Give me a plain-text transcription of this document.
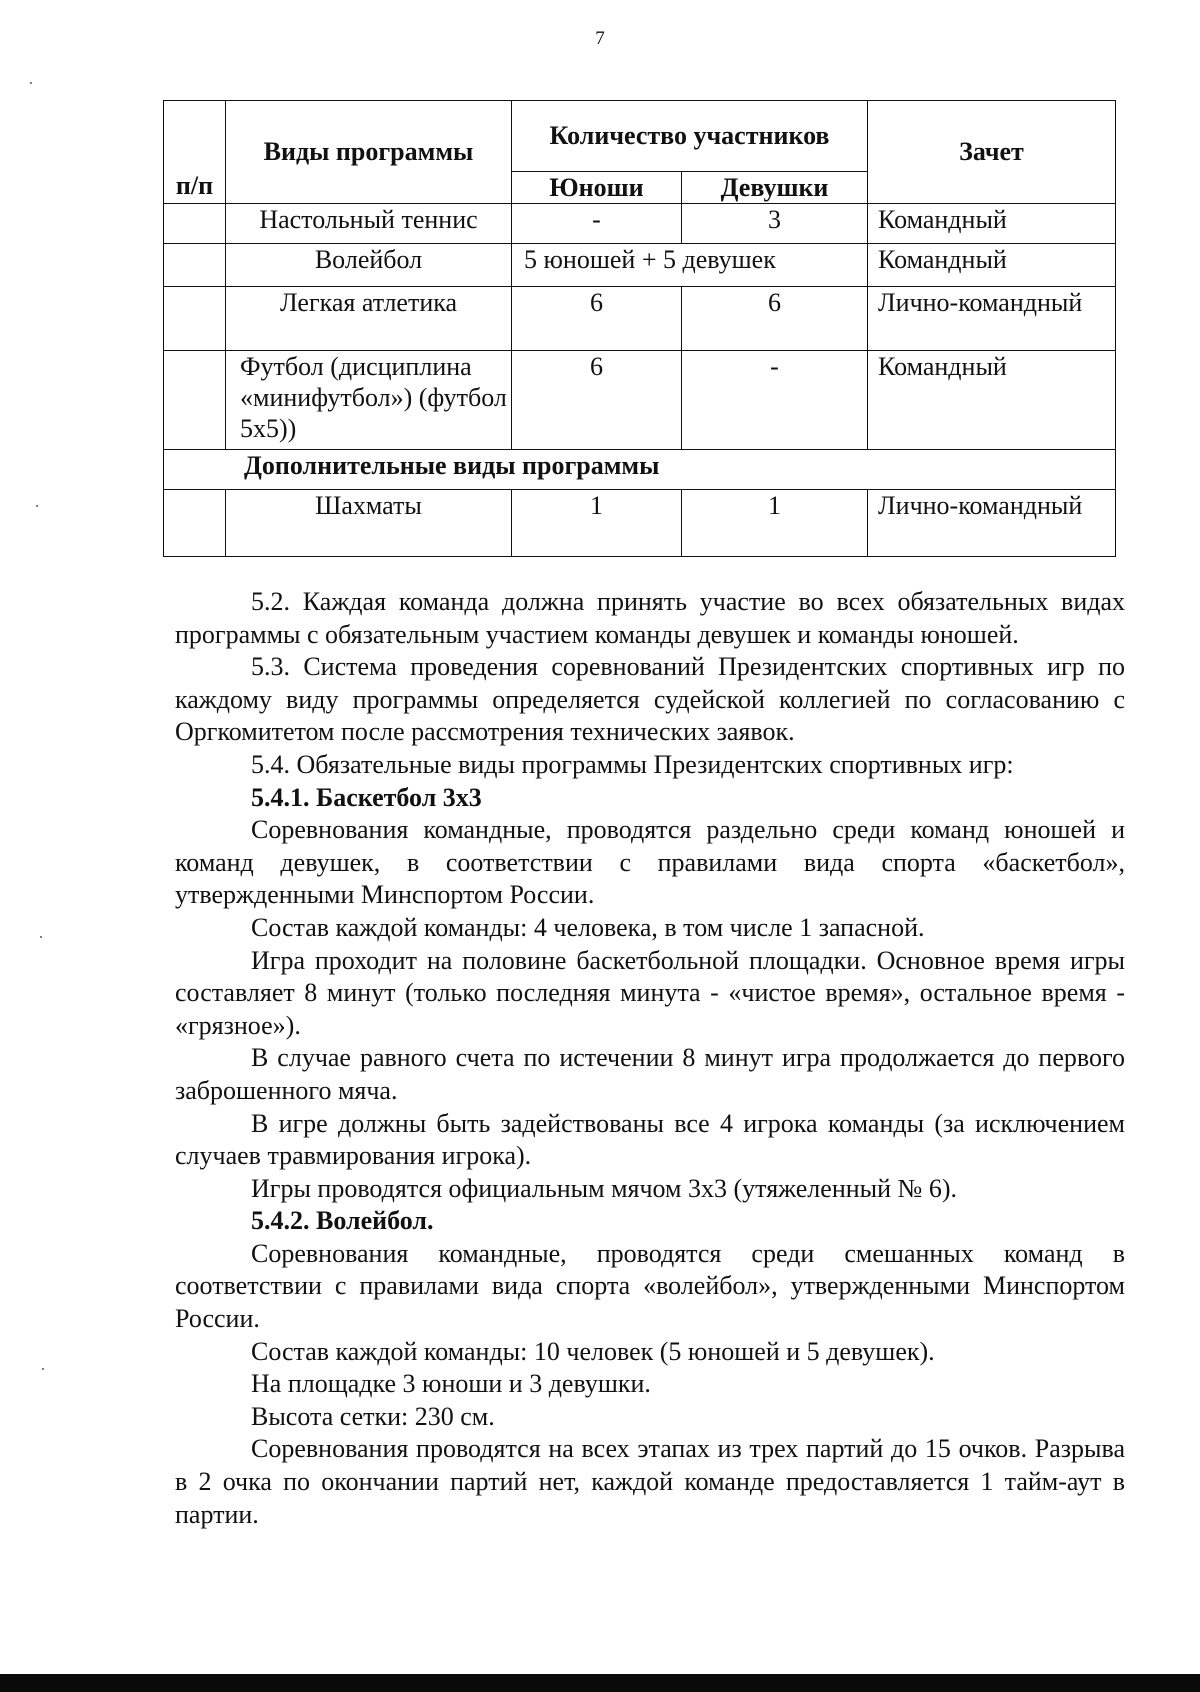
7
п/п	Виды программы	Количество участников		Зачет
		Юноши	Девушки	
	Настольный теннис	-	3	Командный
	Волейбол	5 юношей + 5 девушек		Командный
	Легкая атлетика	6	6	Лично-командный
	Футбол (дисциплина «минифутбол») (футбол 5x5))	6	-	Командный
Дополнительные виды программы				
	Шахматы	1	1	Лично-командный

5.2. Каждая команда должна принять участие во всех обязательных видах программы с обязательным участием команды девушек и команды юношей.

5.3. Система проведения соревнований Президентских спортивных игр по каждому виду программы определяется судейской коллегией по согласованию с Оргкомитетом после рассмотрения технических заявок.

5.4. Обязательные виды программы Президентских спортивных игр:

5.4.1. Баскетбол 3x3

Соревнования командные, проводятся раздельно среди команд юношей и команд девушек, в соответствии с правилами вида спорта «баскетбол», утвержденными Минспортом России.

Состав каждой команды: 4 человека, в том числе 1 запасной.

Игра проходит на половине баскетбольной площадки. Основное время игры составляет 8 минут (только последняя минута - «чистое время», остальное время - «грязное»).

В случае равного счета по истечении 8 минут игра продолжается до первого заброшенного мяча.

В игре должны быть задействованы все 4 игрока команды (за исключением случаев травмирования игрока).

Игры проводятся официальным мячом 3x3 (утяжеленный № 6).

5.4.2. Волейбол.

Соревнования командные, проводятся среди смешанных команд в соответствии с правилами вида спорта «волейбол», утвержденными Минспортом России.

Состав каждой команды: 10 человек (5 юношей и 5 девушек).

На площадке 3 юноши и 3 девушки.

Высота сетки: 230 см.

Соревнования проводятся на всех этапах из трех партий до 15 очков. Разрыва в 2 очка по окончании партий нет, каждой команде предоставляется 1 тайм-аут в партии.
